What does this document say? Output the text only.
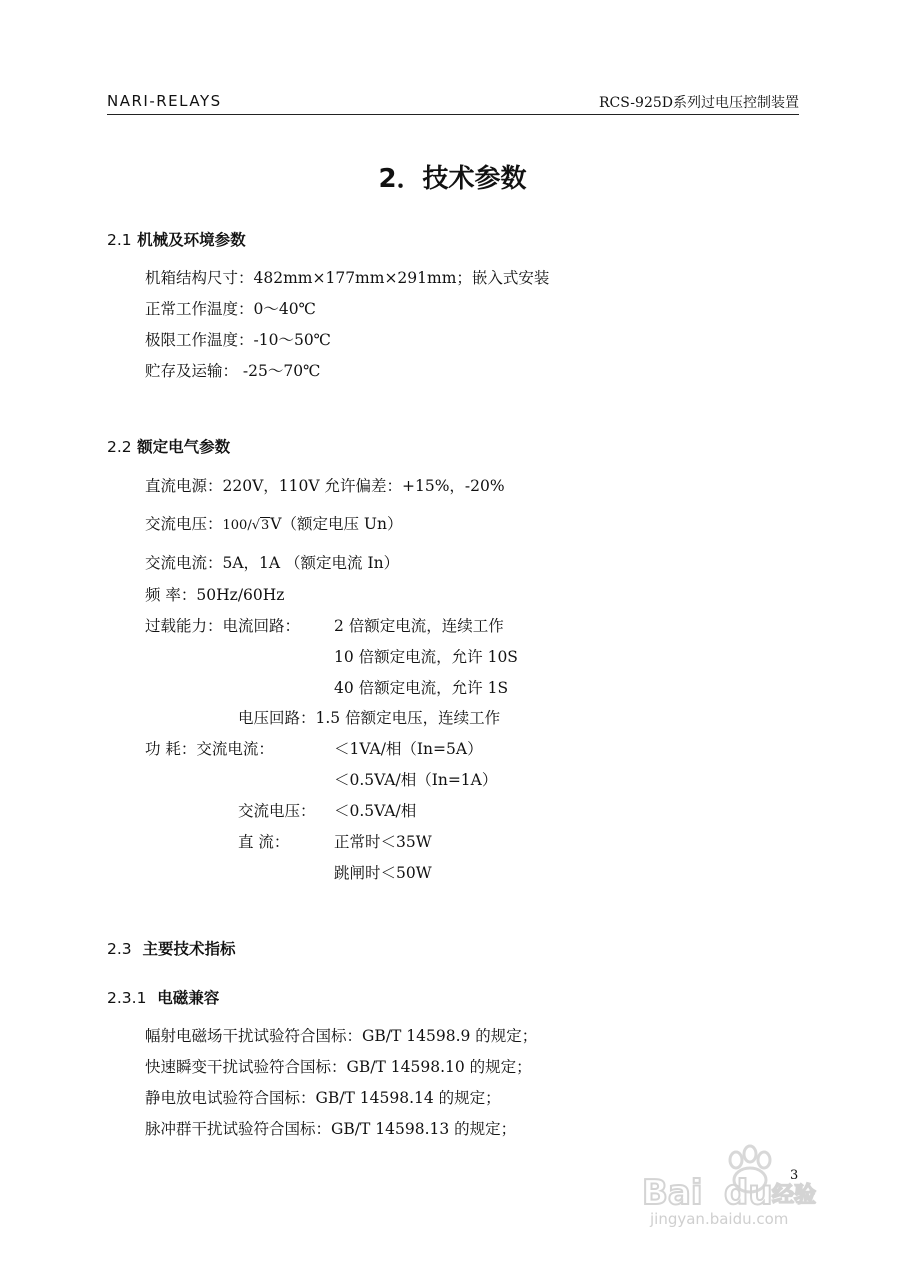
NARI-RELAYS	RCS-925D系列过电压控制装置
2．技术参数
2.1 机械及环境参数
机箱结构尺寸：482mm×177mm×291mm；嵌入式安装
正常工作温度：0～40℃
极限工作温度：-10～50℃
贮存及运输： -25～70℃
2.2 额定电气参数
直流电源：220V，110V 允许偏差：+15%，-20%
交流电压：100/√3V（额定电压 Un）
交流电流：5A，1A （额定电流 In）
频 率：50Hz/60Hz
过载能力：电流回路： 2 倍额定电流，连续工作
10 倍额定电流，允许 10S
40 倍额定电流，允许 1S
电压回路：1.5 倍额定电压，连续工作
功 耗：交流电流：	＜1VA/相（In=5A）
＜0.5VA/相（In=1A）
交流电压： ＜0.5VA/相
直 流：	正常时＜35W
跳闸时＜50W
2.3 主要技术指标
2.3.1 电磁兼容
幅射电磁场干扰试验符合国标：GB/T 14598.9 的规定；
快速瞬变干扰试验符合国标：GB/T 14598.10 的规定；
静电放电试验符合国标：GB/T 14598.14 的规定；
脉冲群干扰试验符合国标：GB/T 14598.13 的规定；
3
Bai du 经验
jingyan.baidu.com
